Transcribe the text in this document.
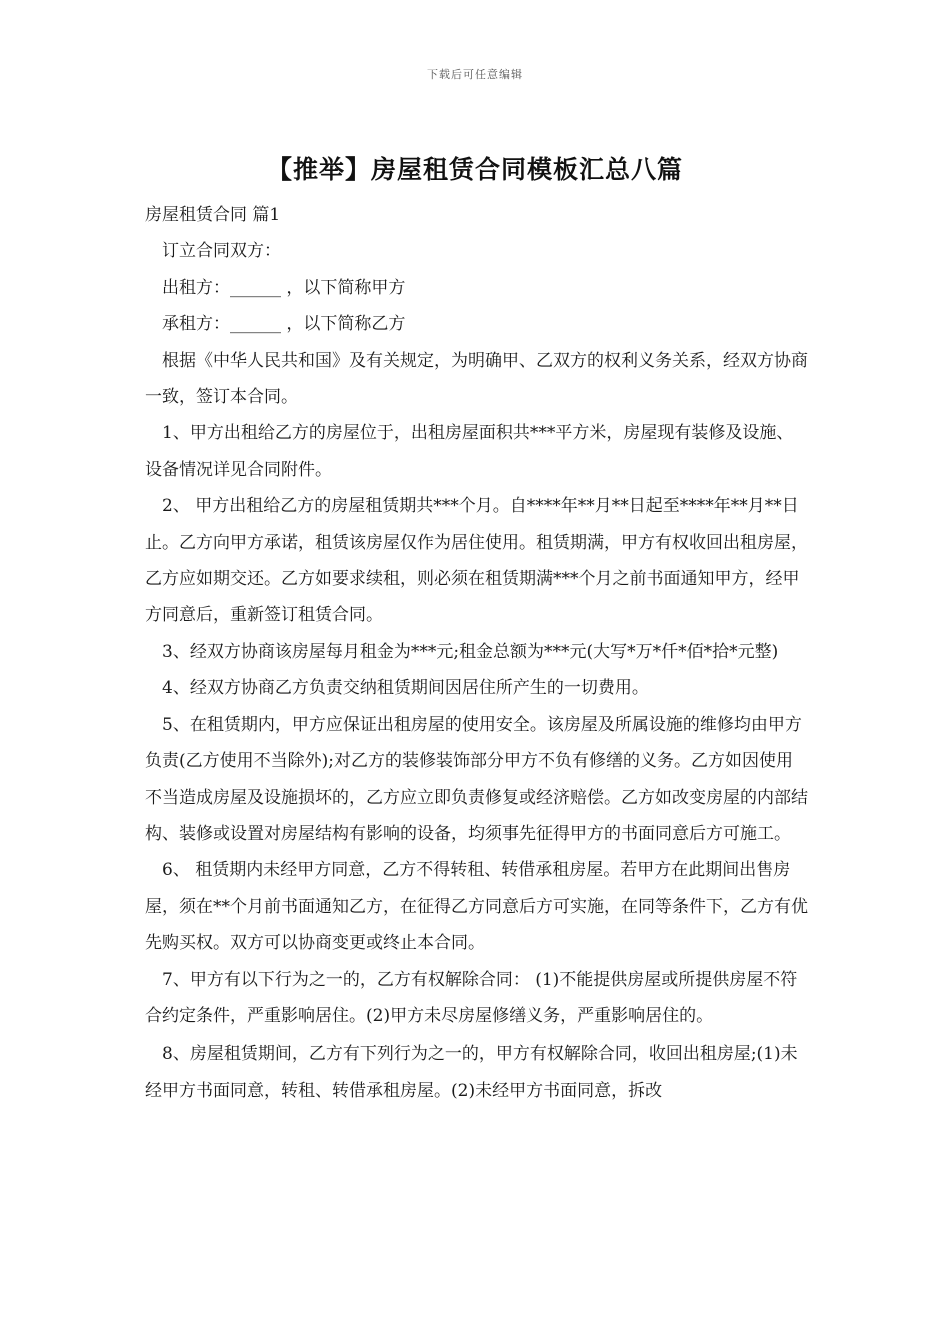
下载后可任意编辑
【推举】房屋租赁合同模板汇总八篇

房屋租赁合同 篇1

订立合同双方：

出租方：______ ，以下简称甲方

承租方：______ ，以下简称乙方

根据《中华人民共和国》及有关规定，为明确甲、乙双方的权利义务关系，经双方协商一致，签订本合同。

1、甲方出租给乙方的房屋位于，出租房屋面积共***平方米，房屋现有装修及设施、设备情况详见合同附件。

2、 甲方出租给乙方的房屋租赁期共***个月。自****年**月**日起至****年**月**日止。乙方向甲方承诺，租赁该房屋仅作为居住使用。租赁期满，甲方有权收回出租房屋，乙方应如期交还。乙方如要求续租，则必须在租赁期满***个月之前书面通知甲方，经甲方同意后，重新签订租赁合同。

3、经双方协商该房屋每月租金为***元;租金总额为***元(大写*万*仟*佰*拾*元整)

4、经双方协商乙方负责交纳租赁期间因居住所产生的一切费用。

5、在租赁期内，甲方应保证出租房屋的使用安全。该房屋及所属设施的维修均由甲方负责(乙方使用不当除外);对乙方的装修装饰部分甲方不负有修缮的义务。乙方如因使用不当造成房屋及设施损坏的，乙方应立即负责修复或经济赔偿。乙方如改变房屋的内部结构、装修或设置对房屋结构有影响的设备，均须事先征得甲方的书面同意后方可施工。

6、 租赁期内未经甲方同意，乙方不得转租、转借承租房屋。若甲方在此期间出售房屋，须在**个月前书面通知乙方，在征得乙方同意后方可实施，在同等条件下，乙方有优先购买权。双方可以协商变更或终止本合同。

7、甲方有以下行为之一的，乙方有权解除合同： (1)不能提供房屋或所提供房屋不符合约定条件，严重影响居住。(2)甲方未尽房屋修缮义务，严重影响居住的。

8、房屋租赁期间，乙方有下列行为之一的，甲方有权解除合同，收回出租房屋;(1)未经甲方书面同意，转租、转借承租房屋。(2)未经甲方书面同意，拆改
